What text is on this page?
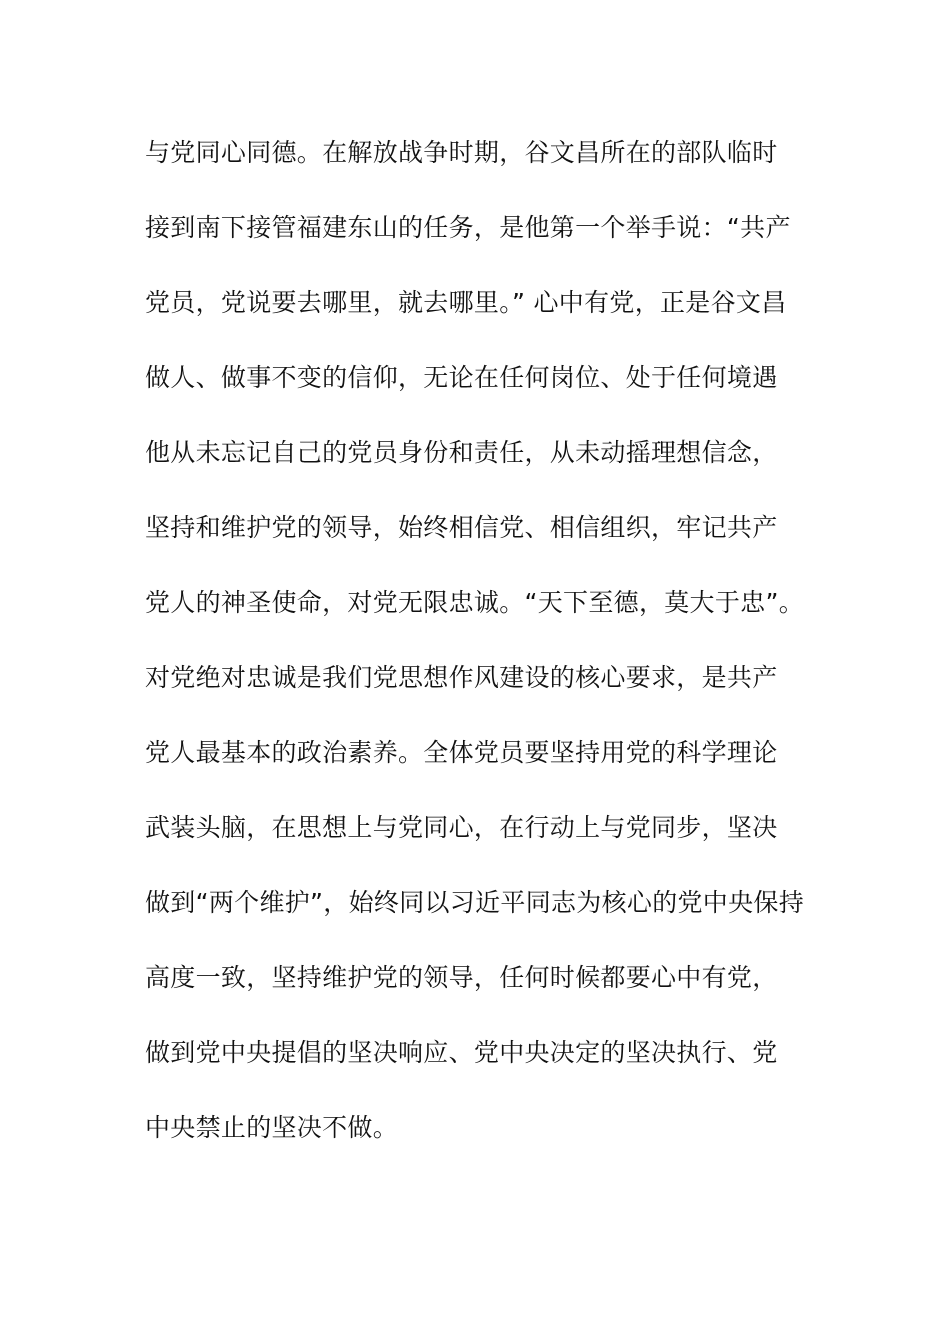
与党同心同德。在解放战争时期，谷文昌所在的部队临时
接到南下接管福建东山的任务，是他第一个举手说：“共产
党员，党说要去哪里，就去哪里。” 心中有党，正是谷文昌
做人、做事不变的信仰，无论在任何岗位、处于任何境遇
他从未忘记自己的党员身份和责任，从未动摇理想信念，
坚持和维护党的领导，始终相信党、相信组织，牢记共产
党人的神圣使命，对党无限忠诚。“天下至德，莫大于忠”。
对党绝对忠诚是我们党思想作风建设的核心要求，是共产
党人最基本的政治素养。全体党员要坚持用党的科学理论
武装头脑，在思想上与党同心，在行动上与党同步，坚决
做到“两个维护”，始终同以习近平同志为核心的党中央保持
高度一致，坚持维护党的领导，任何时候都要心中有党，
做到党中央提倡的坚决响应、党中央决定的坚决执行、党
中央禁止的坚决不做。
